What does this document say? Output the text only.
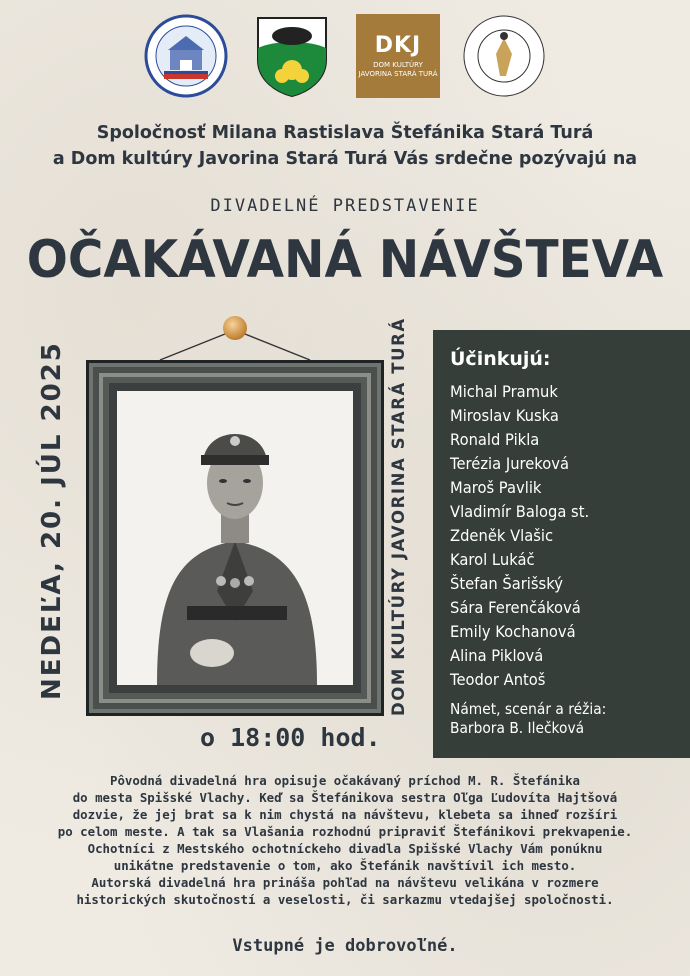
DKJ
DOM KULTÚRY JAVORINA STARÁ TURÁ
Spoločnosť Milana Rastislava Štefánika Stará Turá
a Dom kultúry Javorina Stará Turá Vás srdečne pozývajú na
DIVADELNÉ PREDSTAVENIE
OČAKÁVANÁ NÁVŠTEVA
NEDEĽA, 20. JÚL 2025	DOM KULTÚRY JAVORINA STARÁ TURÁ
o 18:00 hod.
Účinkujú:
Michal Pramuk
Miroslav Kuska
Ronald Pikla
Terézia Jureková
Maroš Pavlik
Vladimír Baloga st.
Zdeněk Vlašic
Karol Lukáč
Štefan Šarišský
Sára Ferenčáková
Emily Kochanová
Alina Piklová
Teodor Antoš
Námet, scenár a réžia:
Barbora B. Ilečková
Pôvodná divadelná hra opisuje očakávaný príchod M. R. Štefánika
do mesta Spišské Vlachy. Keď sa Štefánikova sestra Oľga Ľudovíta Hajtšová
dozvie, že jej brat sa k nim chystá na návštevu, klebeta sa ihneď rozšíri
po celom meste. A tak sa Vlašania rozhodnú pripraviť Štefánikovi prekvapenie.
Ochotníci z Mestského ochotníckeho divadla Spišské Vlachy Vám ponúknu
unikátne predstavenie o tom, ako Štefánik navštívil ich mesto.
Autorská divadelná hra prináša pohľad na návštevu velikána v rozmere
historických skutočností a veselosti, či sarkazmu vtedajšej spoločnosti.
Vstupné je dobrovoľné.
